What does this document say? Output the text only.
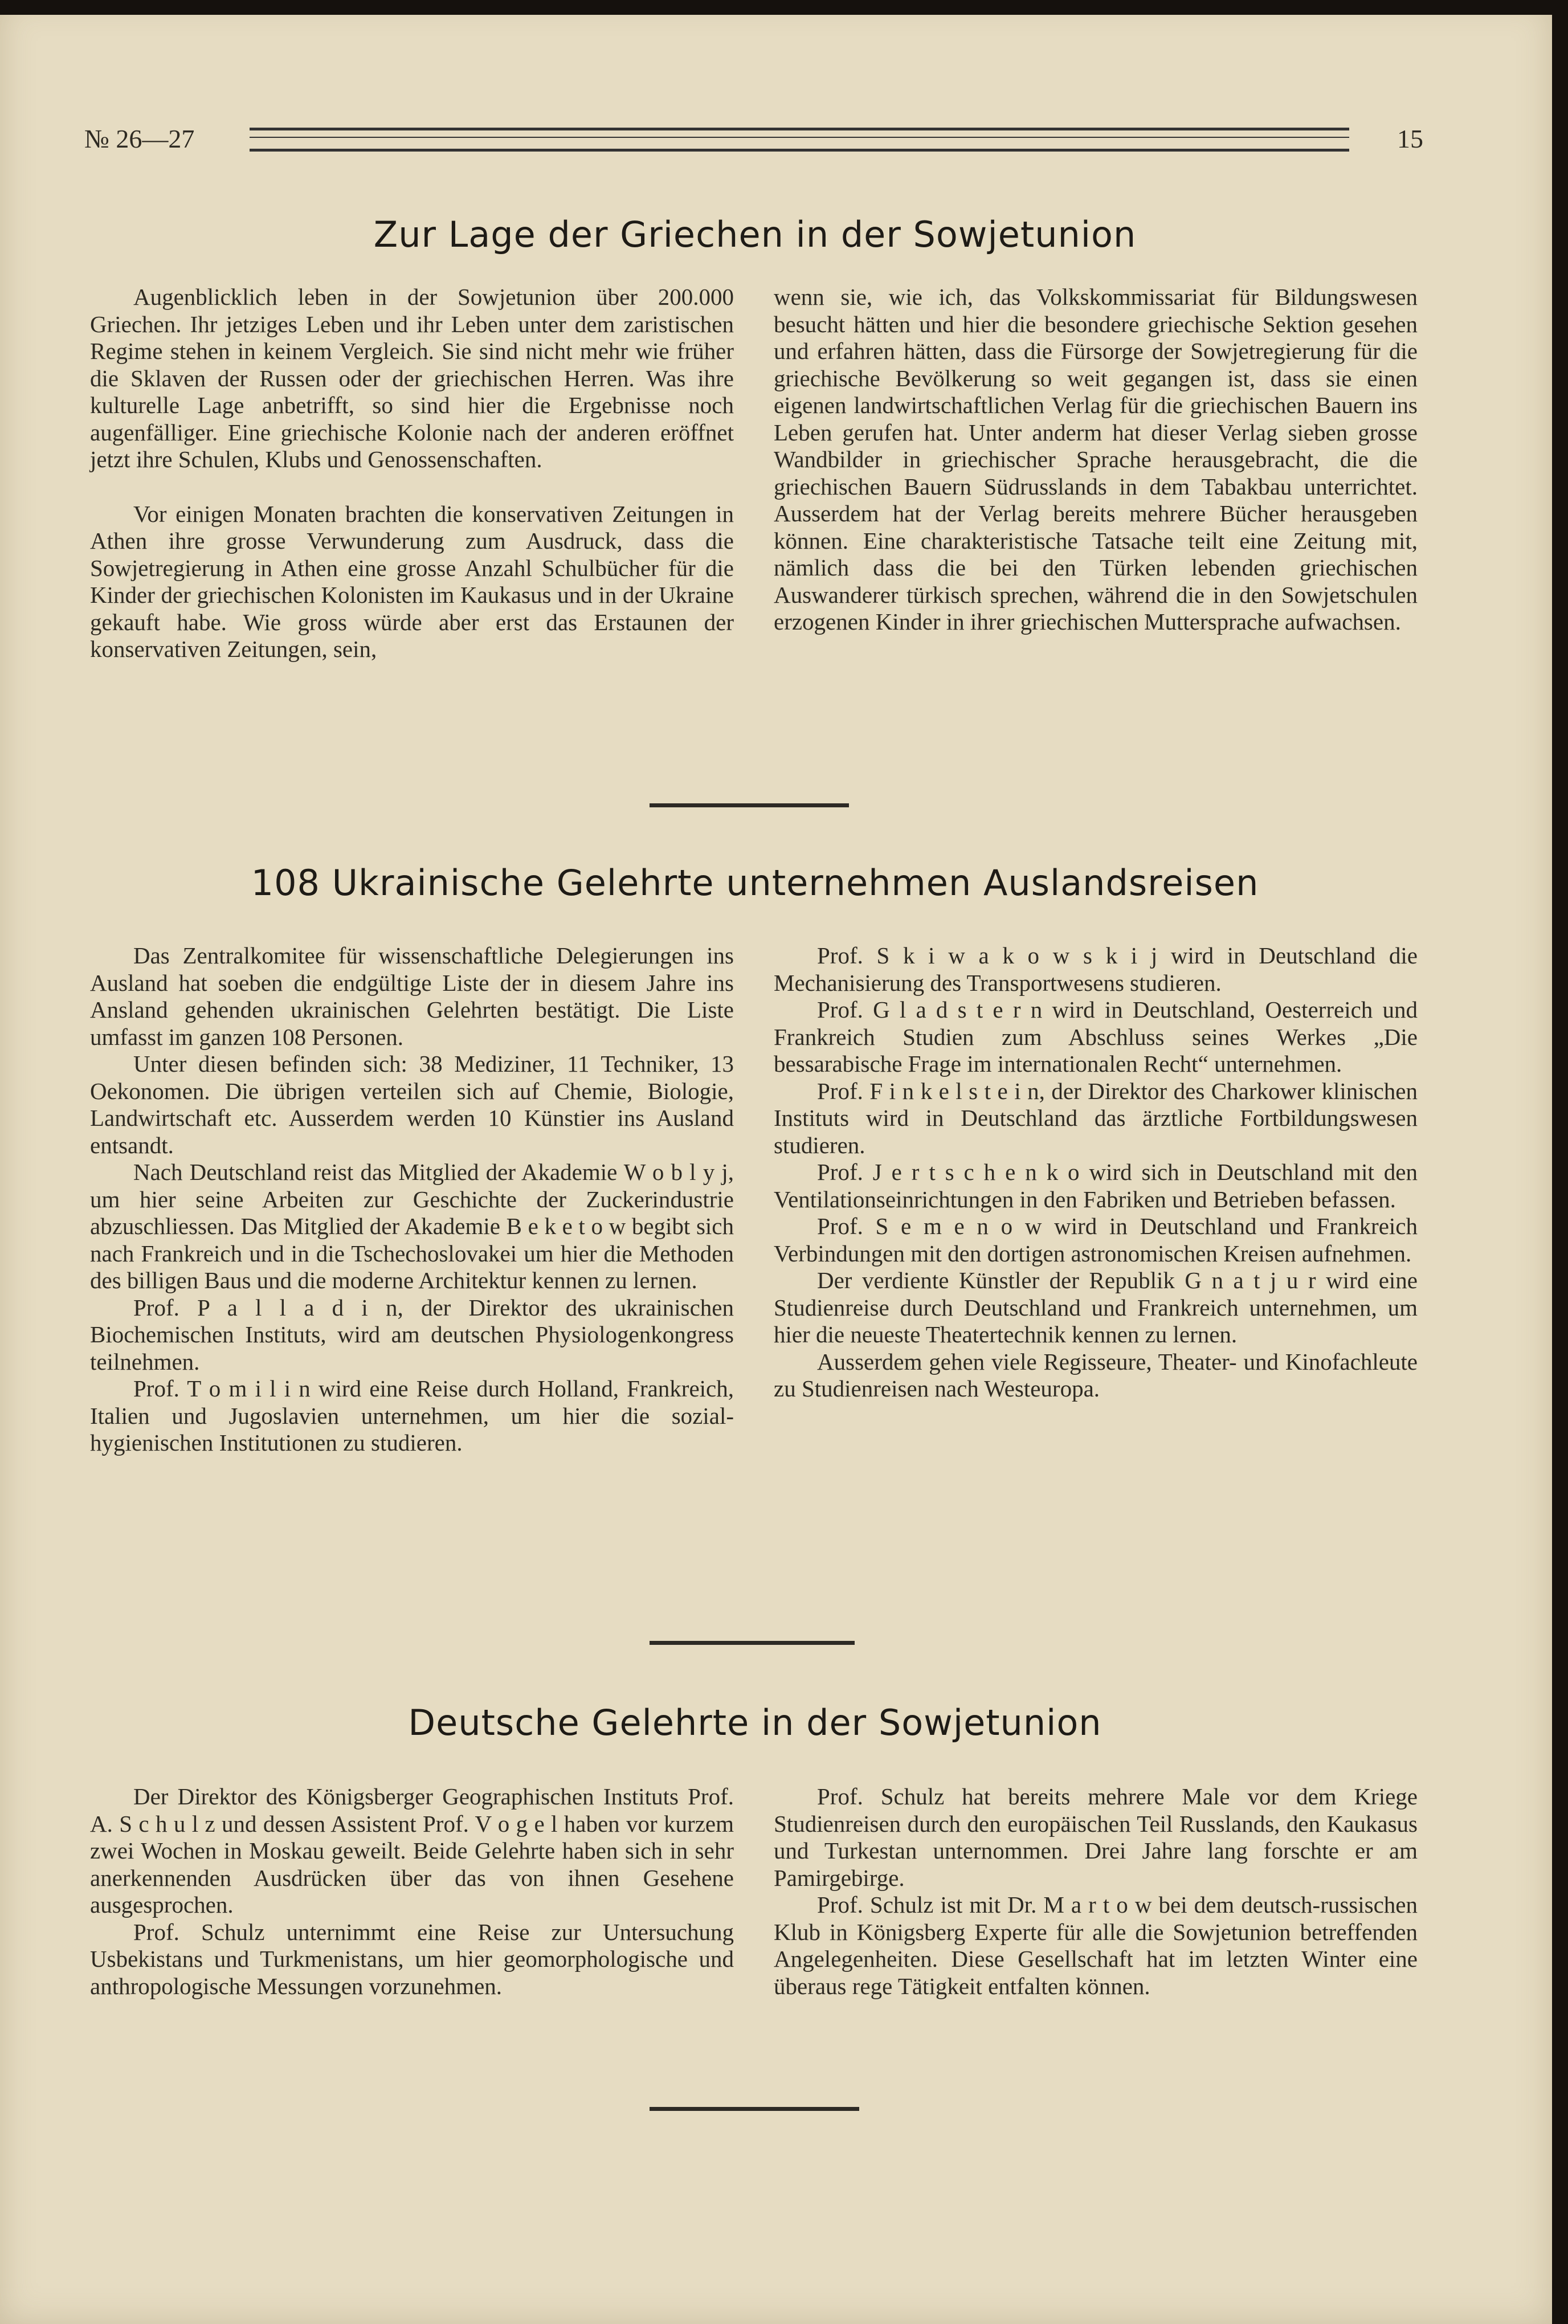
№ 26—27	15
Zur Lage der Griechen in der Sowjetunion

Augenblicklich leben in der Sowjetunion über 200.000 Griechen. Ihr jetziges Leben und ihr Leben unter dem zaristischen Regime stehen in keinem Vergleich. Sie sind nicht mehr wie früher die Sklaven der Russen oder der griechischen Herren. Was ihre kulturelle Lage anbetrifft, so sind hier die Ergebnisse noch augenfälliger. Eine griechische Kolonie nach der anderen eröffnet jetzt ihre Schulen, Klubs und Genossenschaften.

Vor einigen Monaten brachten die konservativen Zeitungen in Athen ihre grosse Verwunderung zum Ausdruck, dass die Sowjetregierung in Athen eine grosse Anzahl Schulbücher für die Kinder der griechischen Kolonisten im Kaukasus und in der Ukraine gekauft habe. Wie gross würde aber erst das Erstaunen der konservativen Zeitungen, sein,

wenn sie, wie ich, das Volkskommissariat für Bildungswesen besucht hätten und hier die besondere griechische Sektion gesehen und erfahren hätten, dass die Fürsorge der Sowjetregierung für die griechische Bevölkerung so weit gegangen ist, dass sie einen eigenen landwirtschaftlichen Verlag für die griechischen Bauern ins Leben gerufen hat. Unter anderm hat dieser Verlag sieben grosse Wandbilder in griechischer Sprache herausgebracht, die die griechischen Bauern Südrusslands in dem Tabakbau unterrichtet. Ausserdem hat der Verlag bereits mehrere Bücher herausgeben können. Eine charakteristische Tatsache teilt eine Zeitung mit, nämlich dass die bei den Türken lebenden griechischen Auswanderer türkisch sprechen, während die in den Sowjetschulen erzogenen Kinder in ihrer griechischen Muttersprache aufwachsen.

108 Ukrainische Gelehrte unternehmen Auslandsreisen

Das Zentralkomitee für wissenschaftliche Delegierungen ins Ausland hat soeben die endgültige Liste der in diesem Jahre ins Ansland gehenden ukrainischen Gelehrten bestätigt. Die Liste umfasst im ganzen 108 Personen.

Unter diesen befinden sich: 38 Mediziner, 11 Techniker, 13 Oekonomen. Die übrigen verteilen sich auf Chemie, Biologie, Landwirtschaft etc. Ausserdem werden 10 Künstier ins Ausland entsandt.

Nach Deutschland reist das Mitglied der Akademie W o b l y j, um hier seine Arbeiten zur Geschichte der Zuckerindustrie abzuschliessen. Das Mitglied der Akademie B e k e t o w begibt sich nach Frankreich und in die Tschechoslovakei um hier die Methoden des billigen Baus und die moderne Architektur kennen zu lernen.

Prof. P a l l a d i n, der Direktor des ukrainischen Biochemischen Instituts, wird am deutschen Physiologenkongress teilnehmen.

Prof. T o m i l i n wird eine Reise durch Holland, Frankreich, Italien und Jugoslavien unternehmen, um hier die sozial-hygienischen Institutionen zu studieren.

Prof. S k i w a k o w s k i j wird in Deutschland die Mechanisierung des Transportwesens studieren.

Prof. G l a d s t e r n wird in Deutschland, Oesterreich und Frankreich Studien zum Abschluss seines Werkes „Die bessarabische Frage im internationalen Recht“ unternehmen.

Prof. F i n k e l s t e i n, der Direktor des Charkower klinischen Instituts wird in Deutschland das ärztliche Fortbildungswesen studieren.

Prof. J e r t s c h e n k o wird sich in Deutschland mit den Ventilationseinrichtungen in den Fabriken und Betrieben befassen.

Prof. S e m e n o w wird in Deutschland und Frankreich Verbindungen mit den dortigen astronomischen Kreisen aufnehmen.

Der verdiente Künstler der Republik G n a t j u r wird eine Studienreise durch Deutschland und Frankreich unternehmen, um hier die neueste Theatertechnik kennen zu lernen.

Ausserdem gehen viele Regisseure, Theater- und Kinofachleute zu Studienreisen nach Westeuropa.

Deutsche Gelehrte in der Sowjetunion

Der Direktor des Königsberger Geographischen Instituts Prof. A. S c h u l z und dessen Assistent Prof. V o g e l haben vor kurzem zwei Wochen in Moskau geweilt. Beide Gelehrte haben sich in sehr anerkennenden Ausdrücken über das von ihnen Gesehene ausgesprochen.

Prof. Schulz unternimmt eine Reise zur Untersuchung Usbekistans und Turkmenistans, um hier geomorphologische und anthropologische Messungen vorzunehmen.

Prof. Schulz hat bereits mehrere Male vor dem Kriege Studienreisen durch den europäischen Teil Russlands, den Kaukasus und Turkestan unternommen. Drei Jahre lang forschte er am Pamirgebirge.

Prof. Schulz ist mit Dr. M a r t o w bei dem deutsch-russischen Klub in Königsberg Experte für alle die Sowjetunion betreffenden Angelegenheiten. Diese Gesellschaft hat im letzten Winter eine überaus rege Tätigkeit entfalten können.
